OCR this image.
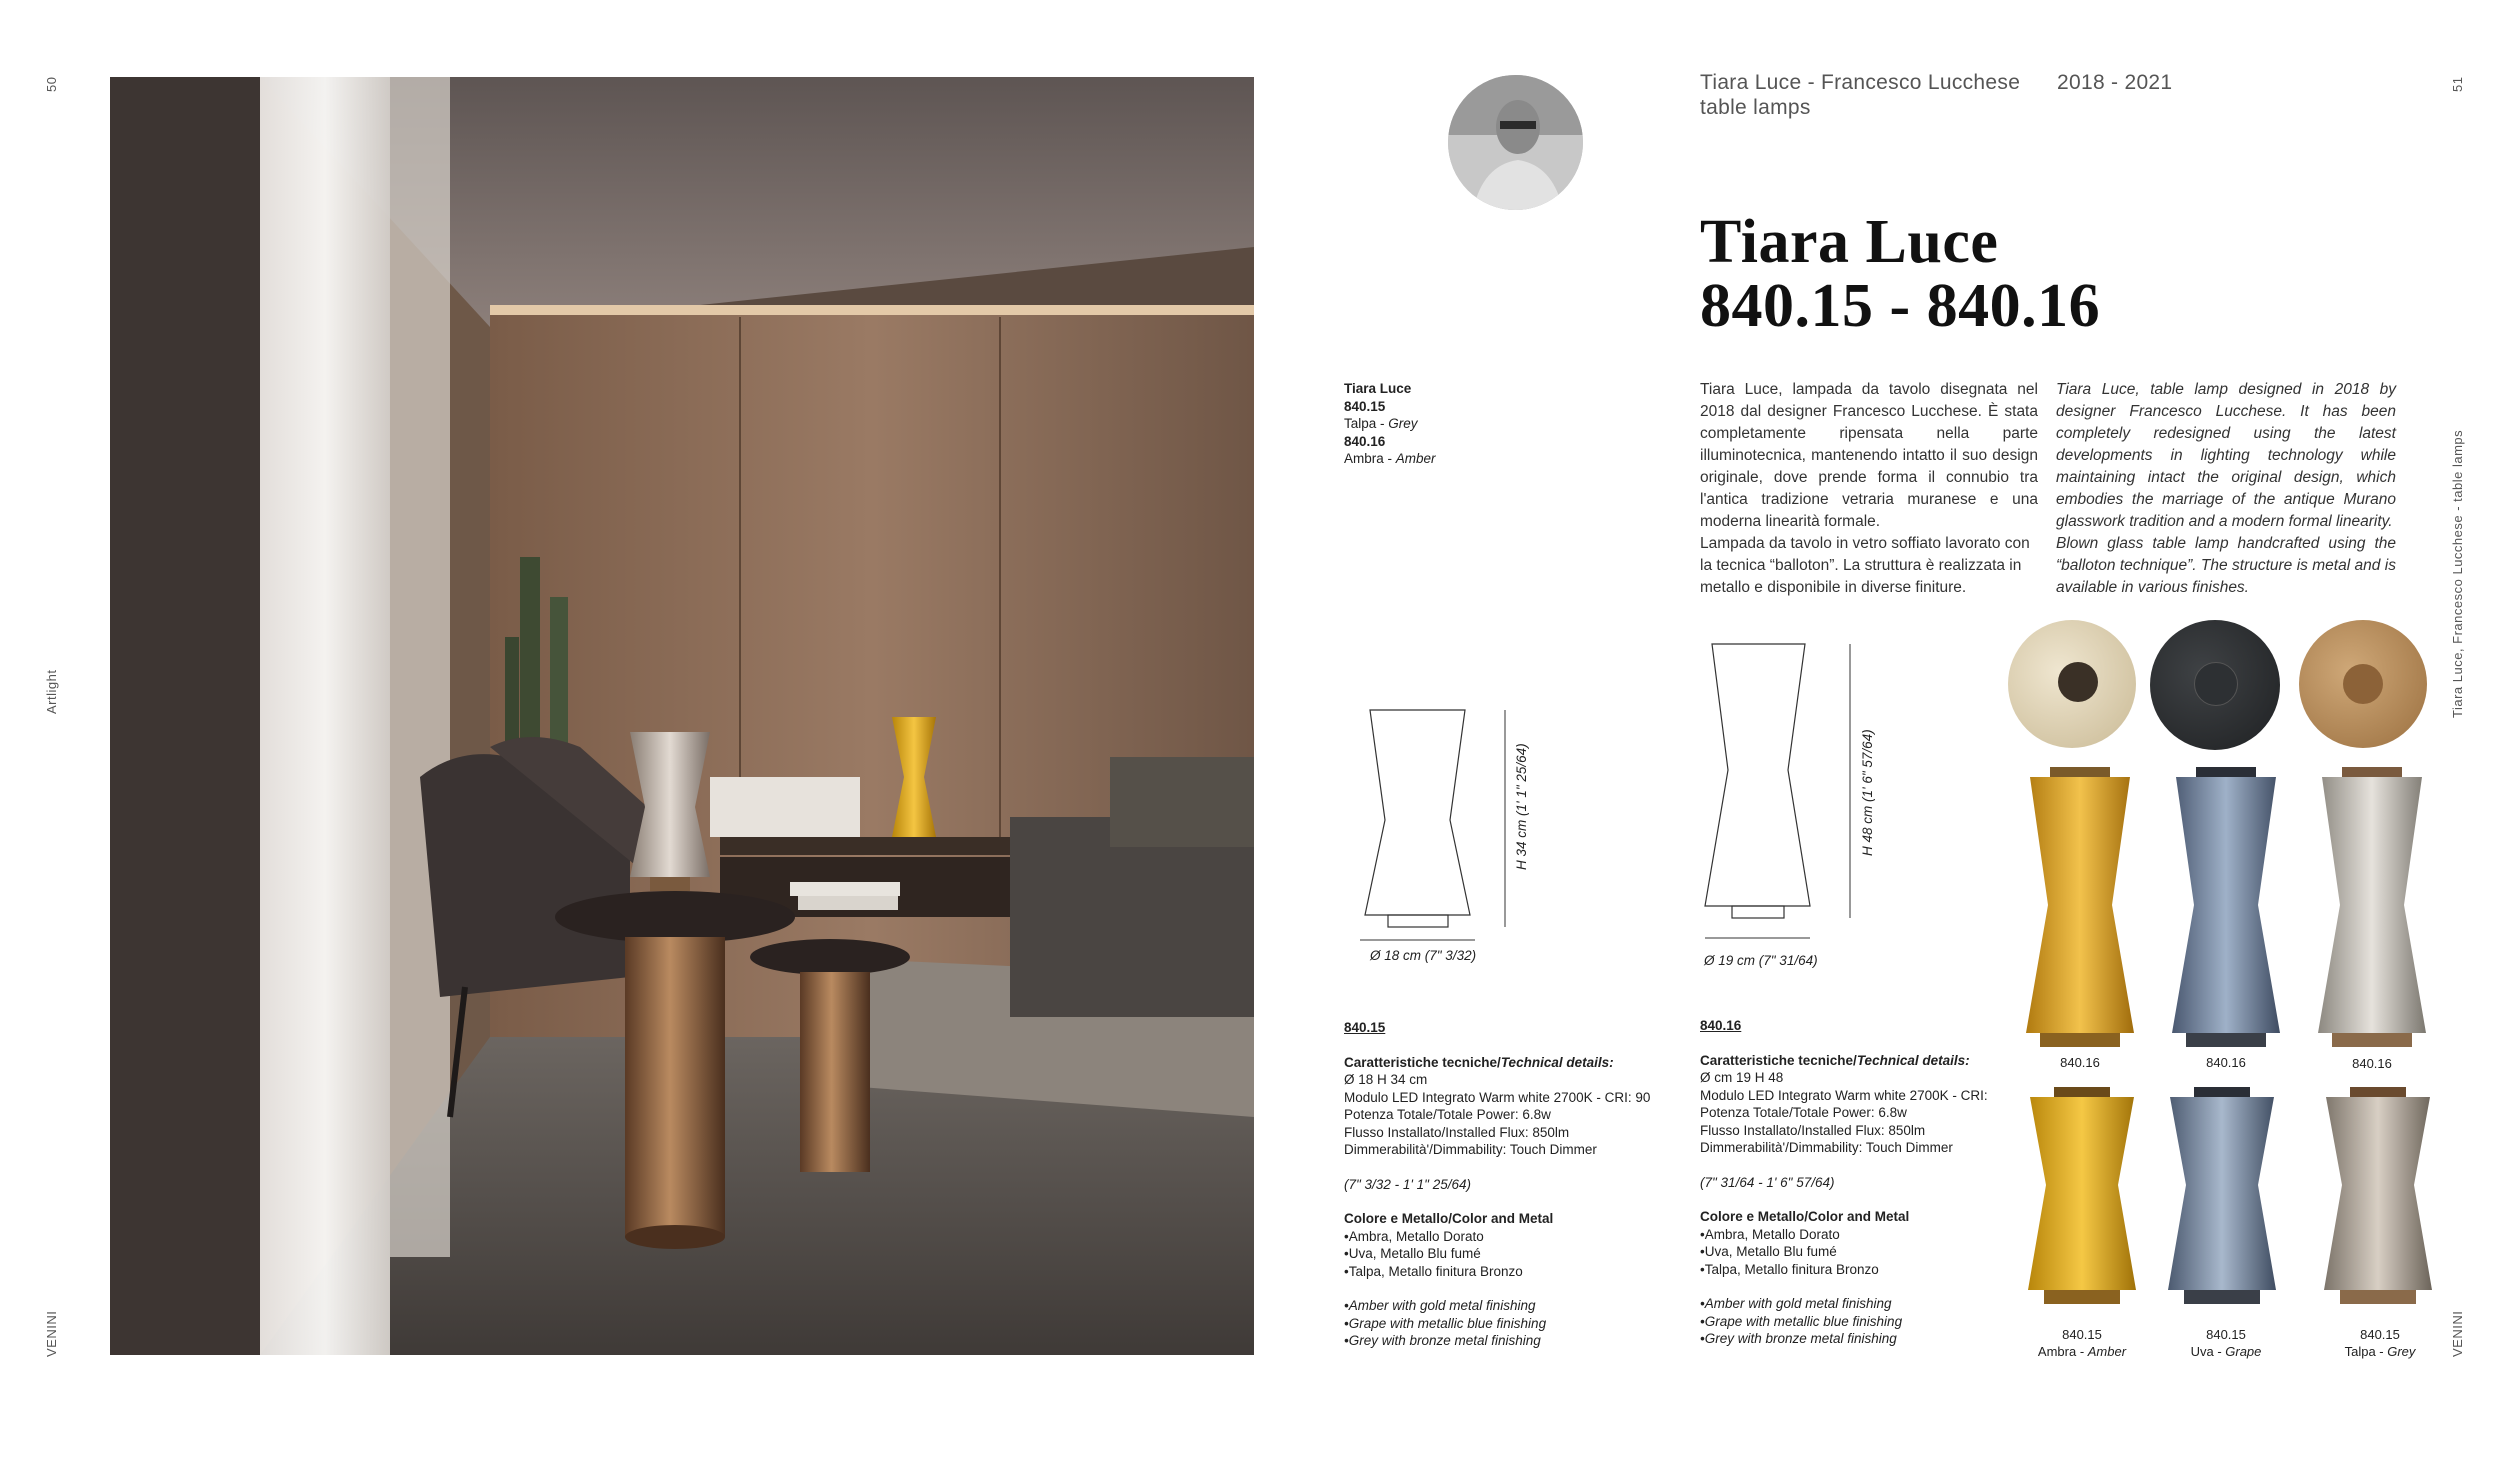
50
Artlight
VENINI
51
Tiara Luce, Francesco Lucchese - table lamps
VENINI
Tiara Luce - Francesco Lucchese
table lamps
2018 - 2021
Tiara Luce
840.15 - 840.16
Tiara Luce
840.15
Talpa - Grey
840.16
Ambra - Amber
Tiara Luce, lampada da tavolo disegnata nel 2018 dal designer Francesco Lucchese. È stata completamente ripensata nella parte illuminotecnica, mantenendo intatto il suo design originale, dove prende forma il connubio tra l'antica tradizione vetraria muranese e una moderna linearità formale.
Lampada da tavolo in vetro soffiato lavorato con la tecnica “balloton”. La struttura è realizzata in metallo e disponibile in diverse finiture.
Tiara Luce, table lamp designed in 2018 by designer Francesco Lucchese. It has been completely redesigned using the latest developments in lighting technology while maintaining intact the original design, which embodies the marriage of the antique Murano glasswork tradition and a modern formal linearity.
Blown glass table lamp handcrafted using the “balloton technique”. The structure is metal and is available in various finishes.
H 34 cm (1' 1" 25/64)
Ø 18 cm (7" 3/32)
H 48 cm (1' 6" 57/64)
Ø 19 cm (7" 31/64)
840.15
Caratteristiche tecniche/Technical details:
Ø 18 H 34 cm
Modulo LED Integrato Warm white 2700K - CRI: 90
Potenza Totale/Totale Power: 6.8w
Flusso Installato/Installed Flux: 850lm
Dimmerabilità'/Dimmability: Touch Dimmer
(7" 3/32 - 1' 1" 25/64)
Colore e Metallo/Color and Metal
•Ambra, Metallo Dorato
•Uva, Metallo Blu fumé
•Talpa, Metallo finitura Bronzo
•Amber with gold metal finishing
•Grape with metallic blue finishing
•Grey with bronze metal finishing
840.16
Caratteristiche tecniche/Technical details:
Ø cm 19 H 48
Modulo LED Integrato Warm white 2700K - CRI:
Potenza Totale/Totale Power: 6.8w
Flusso Installato/Installed Flux: 850lm
Dimmerabilità'/Dimmability: Touch Dimmer
(7" 31/64 - 1' 6" 57/64)
Colore e Metallo/Color and Metal
•Ambra, Metallo Dorato
•Uva, Metallo Blu fumé
•Talpa, Metallo finitura Bronzo
•Amber with gold metal finishing
•Grape with metallic blue finishing
•Grey with bronze metal finishing
840.16	840.16	840.16
840.15
Ambra - Amber
840.15
Uva - Grape
840.15
Talpa - Grey
